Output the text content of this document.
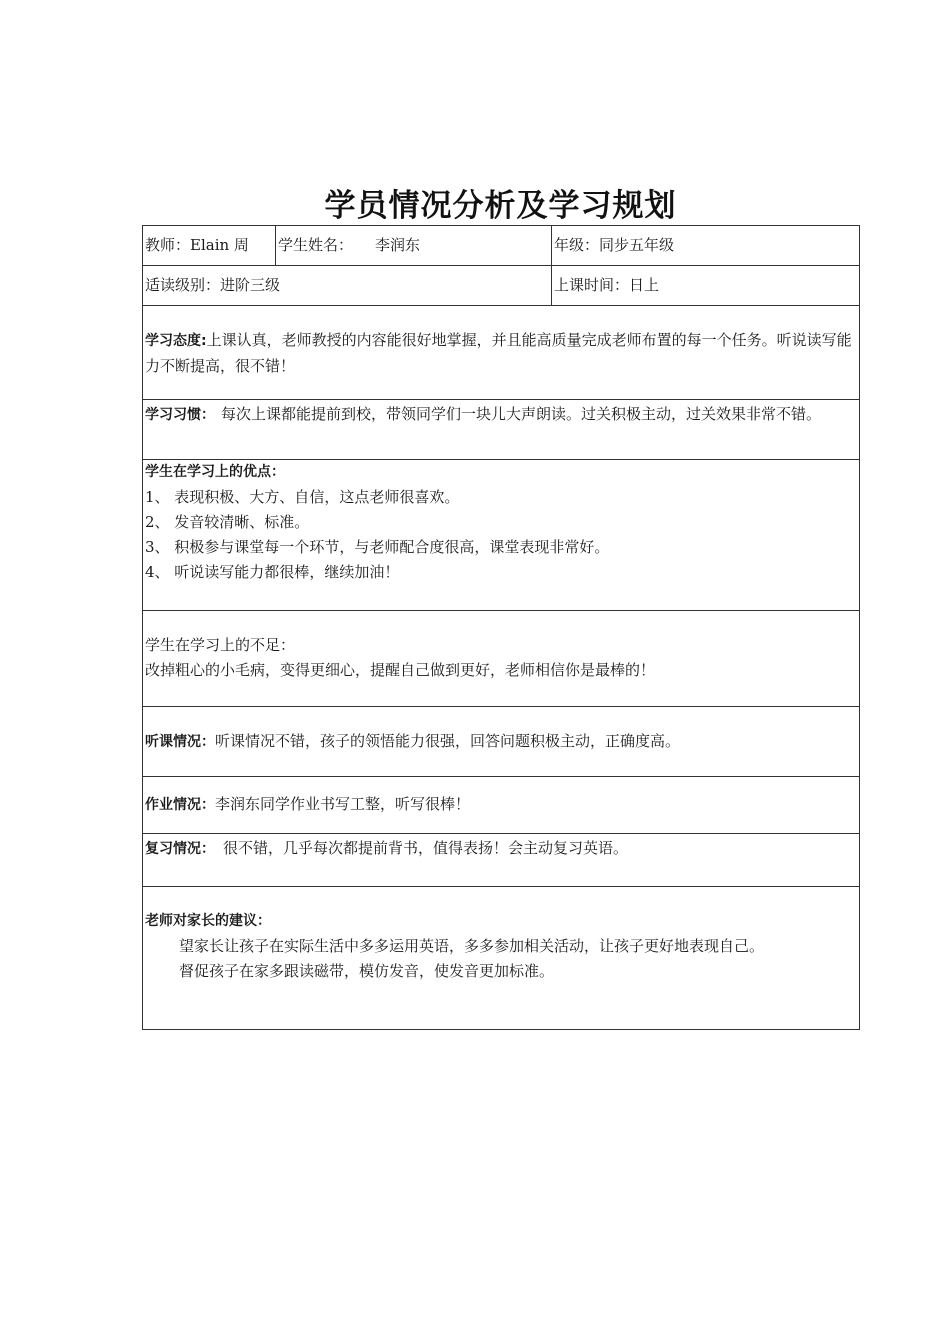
学员情况分析及学习规划
教师：Elain 周	学生姓名： 李润东	年级：同步五年级
适读级别：进阶三级		上课时间：日上
学习态度:上课认真，老师教授的内容能很好地掌握，并且能高质量完成老师布置的每一个任务。听说读写能力不断提高，很不错！		
学习习惯： 每次上课都能提前到校，带领同学们一块儿大声朗读。过关积极主动，过关效果非常不错。		

学生在学习上的优点：
1、 表现积极、大方、自信，这点老师很喜欢。
2、 发音较清晰、标准。
3、 积极参与课堂每一个环节，与老师配合度很高，课堂表现非常好。
4、 听说读写能力都很棒，继续加油！		

学生在学习上的不足：
改掉粗心的小毛病，变得更细心，提醒自己做到更好，老师相信你是最棒的！		

听课情况：听课情况不错，孩子的领悟能力很强，回答问题积极主动，正确度高。		
作业情况：李润东同学作业书写工整，听写很棒！		
复习情况： 很不错，几乎每次都提前背书，值得表扬！会主动复习英语。		

老师对家长的建议：
望家长让孩子在实际生活中多多运用英语，多多参加相关活动，让孩子更好地表现自己。
督促孩子在家多跟读磁带，模仿发音，使发音更加标准。		
